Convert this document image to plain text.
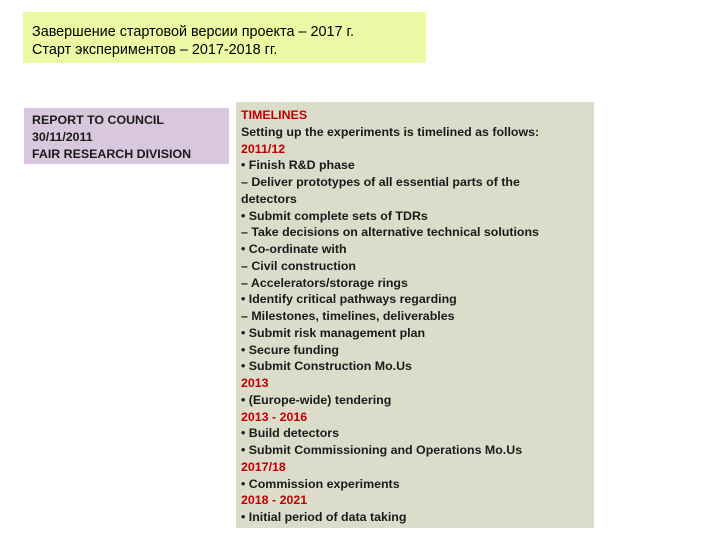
Завершение стартовой версии проекта – 2017 г.
Старт экспериментов – 2017-2018 гг.
REPORT TO COUNCIL
30/11/2011
FAIR RESEARCH DIVISION
TIMELINES
Setting up the experiments is timelined as follows:
2011/12
• Finish R&D phase
– Deliver prototypes of all essential parts of the
detectors
• Submit complete sets of TDRs
– Take decisions on alternative technical solutions
• Co-ordinate with
– Civil construction
– Accelerators/storage rings
• Identify critical pathways regarding
– Milestones, timelines, deliverables
• Submit risk management plan
• Secure funding
• Submit Construction Mo.Us
2013
• (Europe-wide) tendering
2013 - 2016
• Build detectors
• Submit Commissioning and Operations Mo.Us
2017/18
• Commission experiments
2018 - 2021
• Initial period of data taking
